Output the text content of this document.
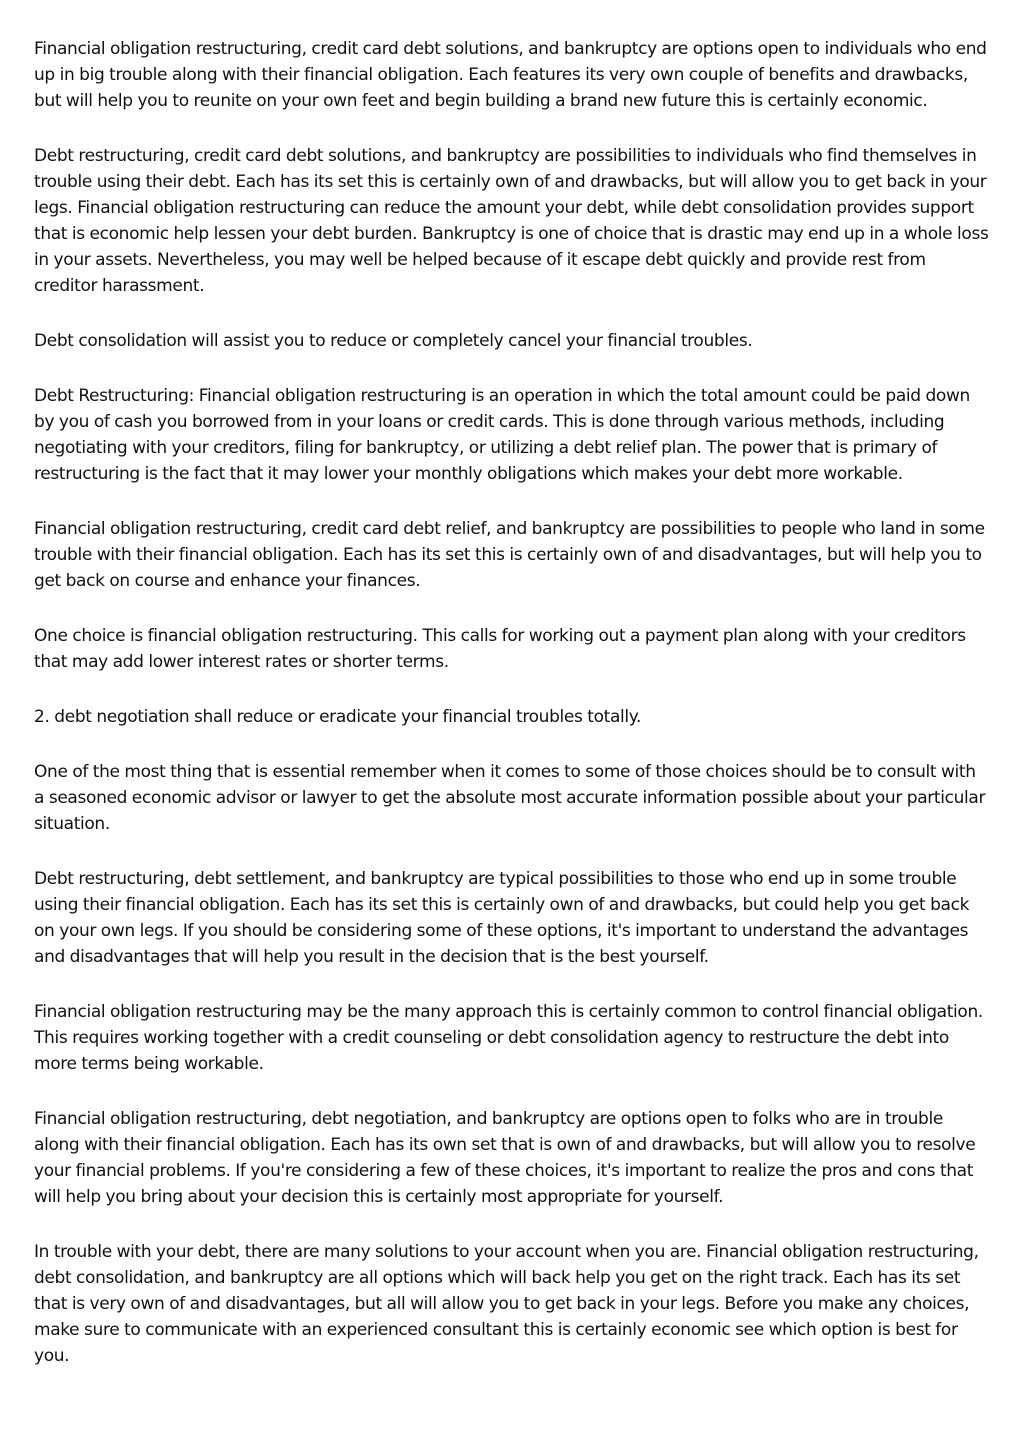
Financial obligation restructuring, credit card debt solutions, and bankruptcy are options open to individuals who end up in big trouble along with their financial obligation. Each features its very own couple of benefits and drawbacks, but will help you to reunite on your own feet and begin building a brand new future this is certainly economic.

Debt restructuring, credit card debt solutions, and bankruptcy are possibilities to individuals who find themselves in trouble using their debt. Each has its set this is certainly own of and drawbacks, but will allow you to get back in your legs. Financial obligation restructuring can reduce the amount your debt, while debt consolidation provides support that is economic help lessen your debt burden. Bankruptcy is one of choice that is drastic may end up in a whole loss in your assets. Nevertheless, you may well be helped because of it escape debt quickly and provide rest from creditor harassment.

Debt consolidation will assist you to reduce or completely cancel your financial troubles.

Debt Restructuring: Financial obligation restructuring is an operation in which the total amount could be paid down by you of cash you borrowed from in your loans or credit cards. This is done through various methods, including negotiating with your creditors, filing for bankruptcy, or utilizing a debt relief plan. The power that is primary of restructuring is the fact that it may lower your monthly obligations which makes your debt more workable.

Financial obligation restructuring, credit card debt relief, and bankruptcy are possibilities to people who land in some trouble with their financial obligation. Each has its set this is certainly own of and disadvantages, but will help you to get back on course and enhance your finances.

One choice is financial obligation restructuring. This calls for working out a payment plan along with your creditors that may add lower interest rates or shorter terms.

2. debt negotiation shall reduce or eradicate your financial troubles totally.

One of the most thing that is essential remember when it comes to some of those choices should be to consult with a seasoned economic advisor or lawyer to get the absolute most accurate information possible about your particular situation.

Debt restructuring, debt settlement, and bankruptcy are typical possibilities to those who end up in some trouble using their financial obligation. Each has its set this is certainly own of and drawbacks, but could help you get back on your own legs. If you should be considering some of these options, it's important to understand the advantages and disadvantages that will help you result in the decision that is the best yourself.

Financial obligation restructuring may be the many approach this is certainly common to control financial obligation. This requires working together with a credit counseling or debt consolidation agency to restructure the debt into more terms being workable.

Financial obligation restructuring, debt negotiation, and bankruptcy are options open to folks who are in trouble along with their financial obligation. Each has its own set that is own of and drawbacks, but will allow you to resolve your financial problems. If you're considering a few of these choices, it's important to realize the pros and cons that will help you bring about your decision this is certainly most appropriate for yourself.

In trouble with your debt, there are many solutions to your account when you are. Financial obligation restructuring, debt consolidation, and bankruptcy are all options which will back help you get on the right track. Each has its set that is very own of and disadvantages, but all will allow you to get back in your legs. Before you make any choices, make sure to communicate with an experienced consultant this is certainly economic see which option is best for you.
